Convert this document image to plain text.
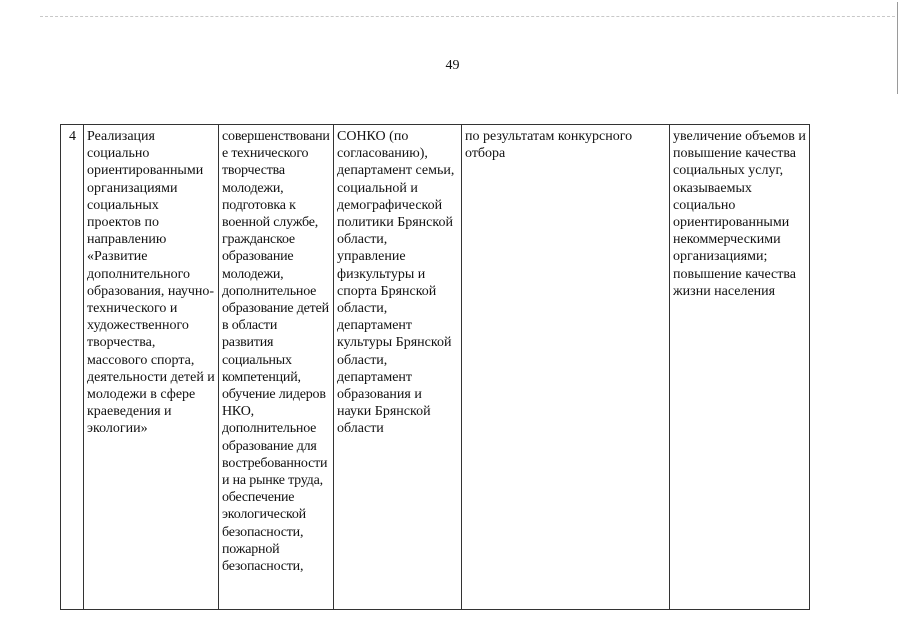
49
4	Реализация социально ориентированными организациями социальных проектов по направлению «Развитие дополнительного образования, научно-технического и художественного творчества, массового спорта, деятельности детей и молодежи в сфере краеведения и экологии»	совершенствование технического творчества молодежи, подготовка к военной службе, гражданское образование молодежи, дополнительное образование детей в области развития социальных компетенций, обучение лидеров НКО, дополнительное образование для востребованности и на рынке труда, обеспечение экологической безопасности, пожарной безопасности,	СОНКО (по согласованию), департамент семьи, социальной и демографической политики Брянской области, управление физкультуры и спорта Брянской области, департамент культуры Брянской области, департамент образования и науки Брянской области	по результатам конкурсного отбора	увеличение объемов и повышение качества социальных услуг, оказываемых социально ориентированными некоммерческими организациями; повышение качества жизни населения
